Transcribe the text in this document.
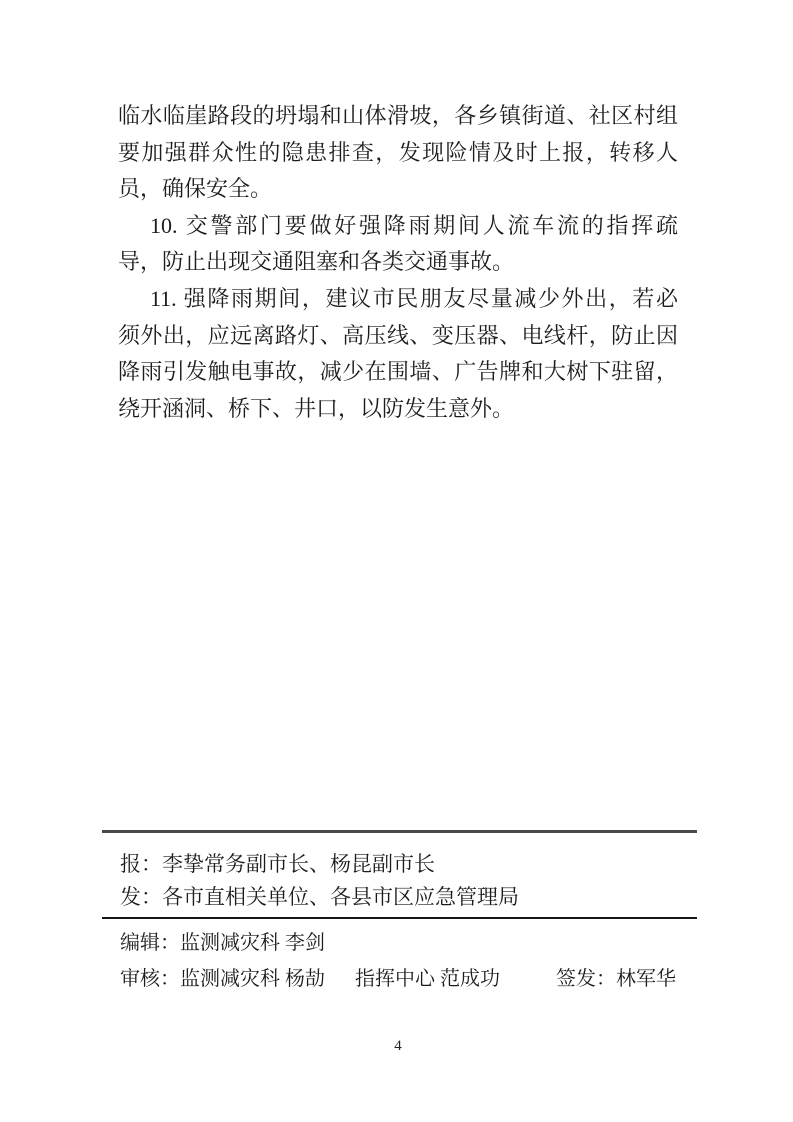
临水临崖路段的坍塌和山体滑坡，各乡镇街道、社区村组
要加强群众性的隐患排查，发现险情及时上报，转移人
员，确保安全。
10. 交警部门要做好强降雨期间人流车流的指挥疏
导，防止出现交通阻塞和各类交通事故。
11. 强降雨期间，建议市民朋友尽量减少外出，若必
须外出，应远离路灯、高压线、变压器、电线杆，防止因
降雨引发触电事故，减少在围墙、广告牌和大树下驻留，
绕开涵洞、桥下、井口，以防发生意外。
报：李挚常务副市长、杨昆副市长
发：各市直相关单位、各县市区应急管理局
编辑：监测减灾科 李剑
审核：监测减灾科 杨劼 指挥中心 范成功	签发：林军华
4
